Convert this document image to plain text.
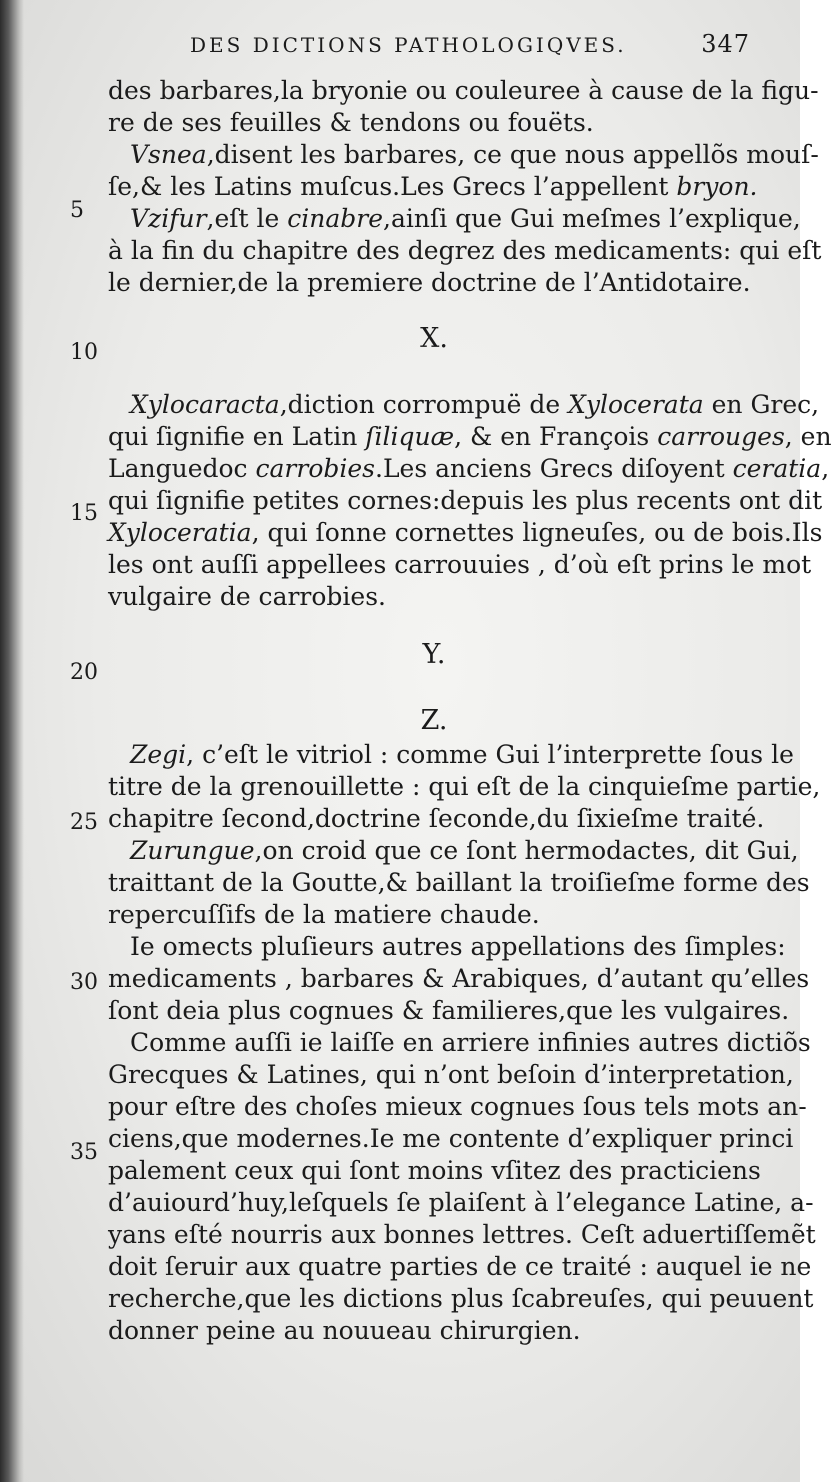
DES DICTIONS PATHOLOGIQVES.	347
5
10
15
20
25
30
35
X.
Y.
Z.
des barbares,la bryonie ou couleuree à cause de la figu-
re de ses feuilles & tendons ou fouëts.
Vsnea,disent les barbares, ce que nous appellõs mouſ-
ſe,& les Latins muſcus.Les Grecs l’appellent bryon.
Vzifur,eſt le cinabre,ainſi que Gui meſmes l’explique,
à la fin du chapitre des degrez des medicaments: qui eſt
le dernier,de la premiere doctrine de l’Antidotaire.
Xylocaracta,diction corrompuë de Xylocerata en Grec,
qui ſignifie en Latin ſiliquæ, & en François carrouges, en
Languedoc carrobies.Les anciens Grecs diſoyent ceratia,
qui ſignifie petites cornes:depuis les plus recents ont dit
Xyloceratia, qui ſonne cornettes ligneuſes, ou de bois.Ils
les ont auſſi appellees carrouuies , d’où eſt prins le mot
vulgaire de carrobies.
Zegi, c’eſt le vitriol : comme Gui l’interprette ſous le
titre de la grenouillette : qui eſt de la cinquieſme partie,
chapitre ſecond,doctrine ſeconde,du ſixieſme traité.
Zurungue,on croid que ce ſont hermodactes, dit Gui,
traittant de la Goutte,& baillant la troiſieſme forme des
repercuſſifs de la matiere chaude.
Ie omects pluſieurs autres appellations des ſimples:
medicaments , barbares & Arabiques, d’autant qu’elles
ſont deia plus cognues & familieres,que les vulgaires.
Comme auſſi ie laiſſe en arriere infinies autres dictiõs
Grecques & Latines, qui n’ont beſoin d’interpretation,
pour eſtre des choſes mieux cognues ſous tels mots an-
ciens,que modernes.Ie me contente d’expliquer princi
palement ceux qui ſont moins vſitez des practiciens
d’auiourd’huy,leſquels ſe plaiſent à l’elegance Latine, a-
yans eſté nourris aux bonnes lettres. Ceſt aduertiſſemẽt
doit ſeruir aux quatre parties de ce traité : auquel ie ne
recherche,que les dictions plus ſcabreuſes, qui peuuent
donner peine au nouueau chirurgien.
